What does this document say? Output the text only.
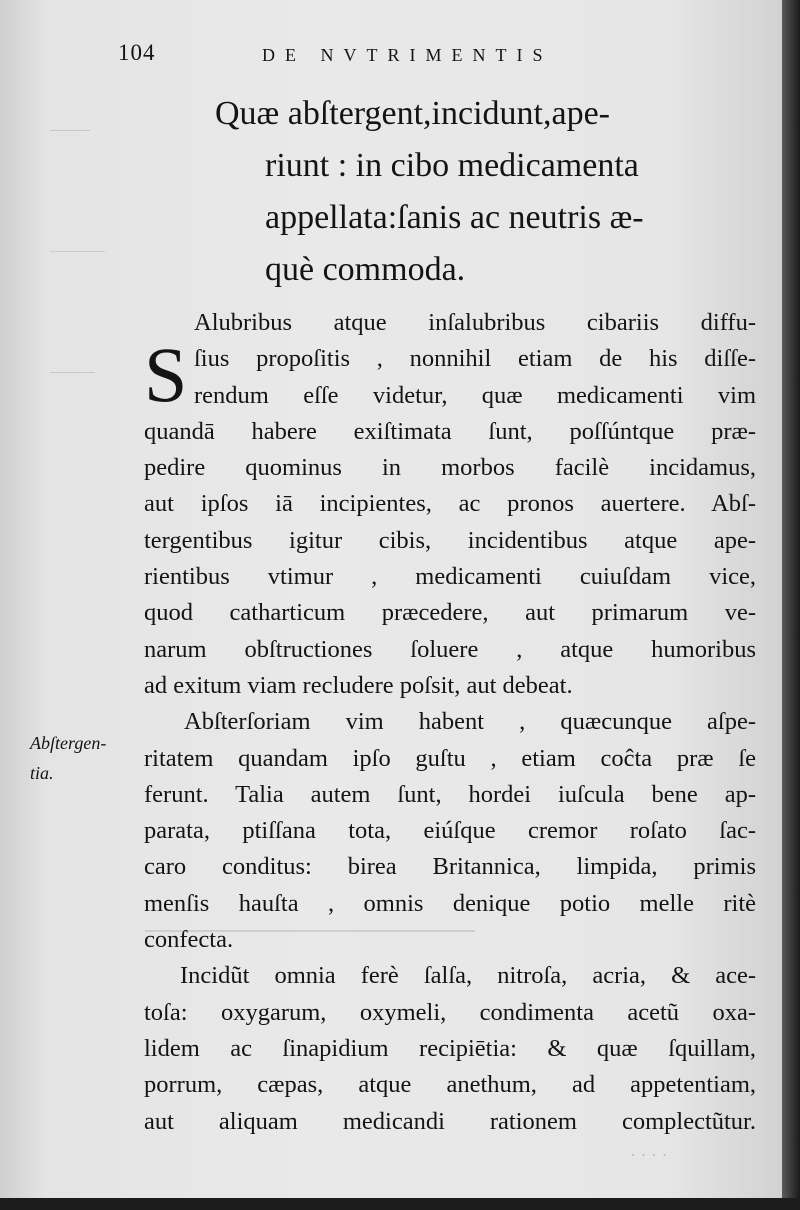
104	DE NVTRIMENTIS
Quæ abſtergent,incidunt,ape-
riunt : in cibo medicamenta
appellata:ſanis ac neutris æ-
què commoda.
S
Alubribus atque inſalubribus cibariis diffu-
ſius propoſitis , nonnihil etiam de his diſſe-
rendum eſſe videtur, quæ medicamenti vim
quandā habere exiſtimata ſunt, poſſúntque præ-
pedire quominus in morbos facilè incidamus,
aut ipſos iā incipientes, ac pronos auertere. Abſ-
tergentibus igitur cibis, incidentibus atque ape-
rientibus vtimur , medicamenti cuiuſdam vice,
quod catharticum præcedere, aut primarum ve-
narum obſtructiones ſoluere , atque humoribus
ad exitum viam recludere poſsit, aut debeat.
Abſterſoriam vim habent , quæcunque aſpe-
ritatem quandam ipſo guſtu , etiam coĉta præ ſe
ferunt. Talia autem ſunt, hordei iuſcula bene ap-
parata, ptiſſana tota, eiúſque cremor roſato ſac-
caro conditus: birea Britannica, limpida, primis
menſis hauſta , omnis denique potio melle ritè
confecta.
Incidũt omnia ferè ſalſa, nitroſa, acria, & ace-
toſa: oxygarum, oxymeli, condimenta acetũ oxa-
lidem ac ſinapidium recipiētia: & quæ ſquillam,
porrum, cæpas, atque anethum, ad appetentiam,
aut aliquam medicandi rationem complectũtur.
Abſtergen-
tia.
· · · ·
